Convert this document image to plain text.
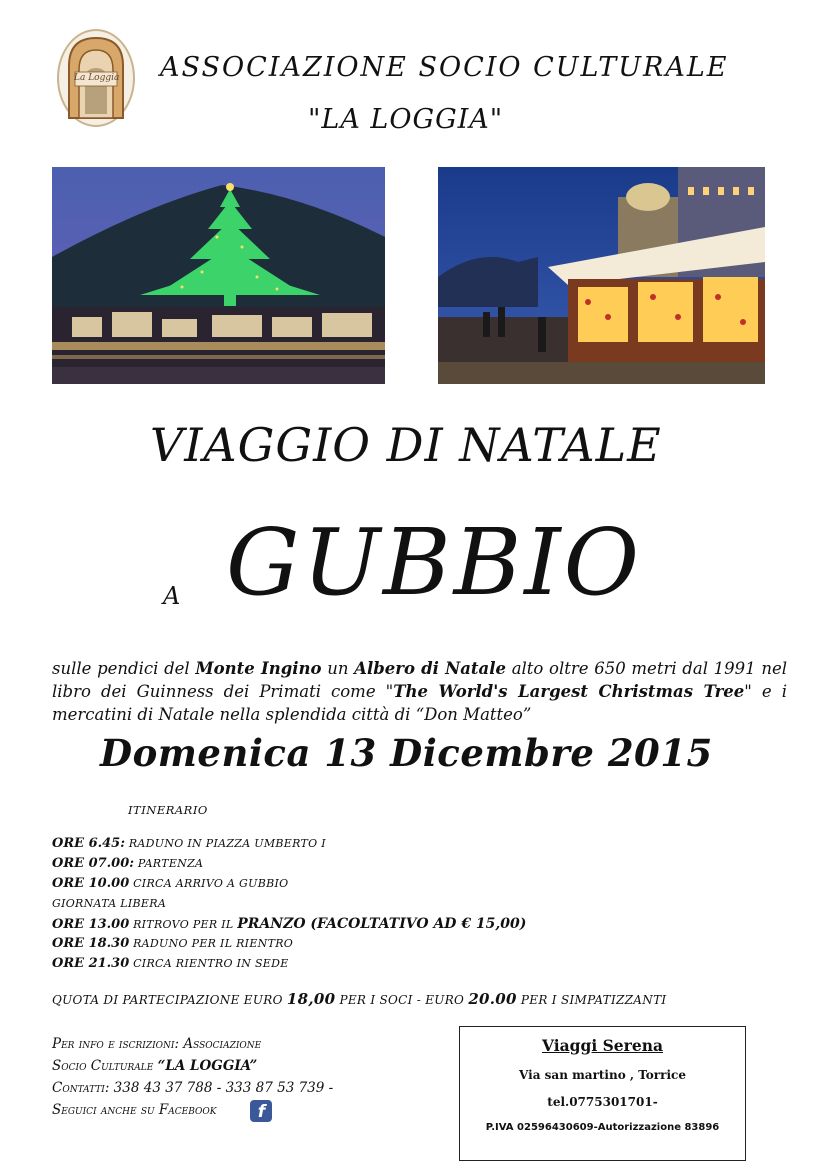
La Loggia ASSOCIAZIONE SOCIO CULTURALE
"LA LOGGIA"
VIAGGIO DI NATALE
A GUBBIO
sulle pendici del Monte Ingino un Albero di Natale alto oltre 650 metri dal 1991 nel libro dei Guinness dei Primati come "The World's Largest Christmas Tree" e i mercatini di Natale nella splendida città di “Don Matteo”
Domenica 13 Dicembre 2015
ITINERARIO
ORE 6.45: RADUNO IN PIAZZA UMBERTO I
ORE 07.00: PARTENZA
ORE 10.00 CIRCA ARRIVO A GUBBIO
GIORNATA LIBERA
ORE 13.00 RITROVO PER IL PRANZO (FACOLTATIVO AD € 15,00)
ORE 18.30 RADUNO PER IL RIENTRO
ORE 21.30 CIRCA RIENTRO IN SEDE
QUOTA DI PARTECIPAZIONE EURO 18,00 PER I SOCI - EURO 20.00 PER I SIMPATIZZANTI
Per info e iscrizioni: Associazione
Socio Culturale “LA LOGGIA”
Contatti: 338 43 37 788 - 333 87 53 739 -
Seguici anche su Facebook f
Viaggi Serena
Via san martino , Torrice
tel.0775301701-
P.IVA 02596430609-Autorizzazione 83896
